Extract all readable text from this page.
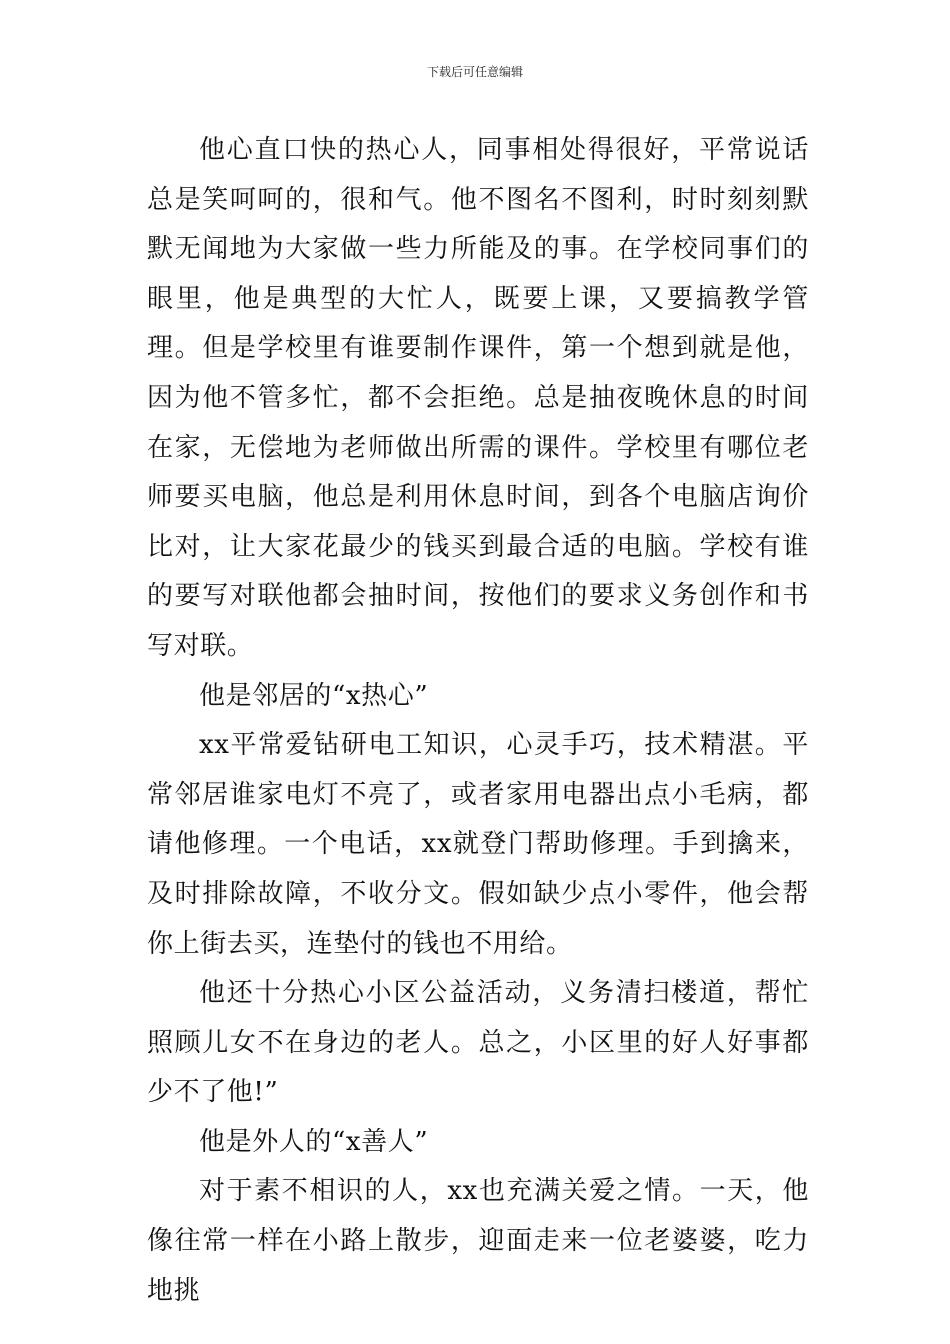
下载后可任意编辑

他心直口快的热心人，同事相处得很好，平常说话总是笑呵呵的，很和气。他不图名不图利，时时刻刻默默无闻地为大家做一些力所能及的事。在学校同事们的眼里，他是典型的大忙人，既要上课，又要搞教学管理。但是学校里有谁要制作课件，第一个想到就是他，因为他不管多忙，都不会拒绝。总是抽夜晚休息的时间在家，无偿地为老师做出所需的课件。学校里有哪位老师要买电脑，他总是利用休息时间，到各个电脑店询价比对，让大家花最少的钱买到最合适的电脑。学校有谁的要写对联他都会抽时间，按他们的要求义务创作和书写对联。

他是邻居的“x热心”

xx平常爱钻研电工知识，心灵手巧，技术精湛。平常邻居谁家电灯不亮了，或者家用电器出点小毛病，都请他修理。一个电话，xx就登门帮助修理。手到擒来，及时排除故障，不收分文。假如缺少点小零件，他会帮你上街去买，连垫付的钱也不用给。

他还十分热心小区公益活动，义务清扫楼道，帮忙照顾儿女不在身边的老人。总之，小区里的好人好事都少不了他!”

他是外人的“x善人”

对于素不相识的人，xx也充满关爱之情。一天，他像往常一样在小路上散步，迎面走来一位老婆婆，吃力地挑
